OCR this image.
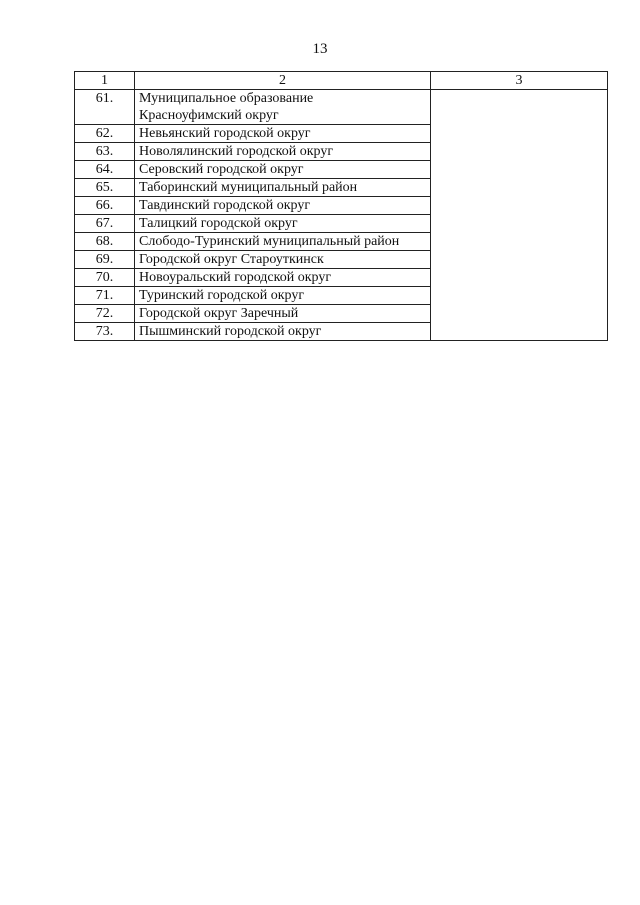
13
1	2	3
61.	Муниципальное образование
Красноуфимский округ	
62.	Невьянский городской округ	
63.	Новолялинский городской округ	
64.	Серовский городской округ	
65.	Таборинский муниципальный район	
66.	Тавдинский городской округ	
67.	Талицкий городской округ	
68.	Слободо-Туринский муниципальный район	
69.	Городской округ Староуткинск	
70.	Новоуральский городской округ	
71.	Туринский городской округ	
72.	Городской округ Заречный	
73.	Пышминский городской округ	
